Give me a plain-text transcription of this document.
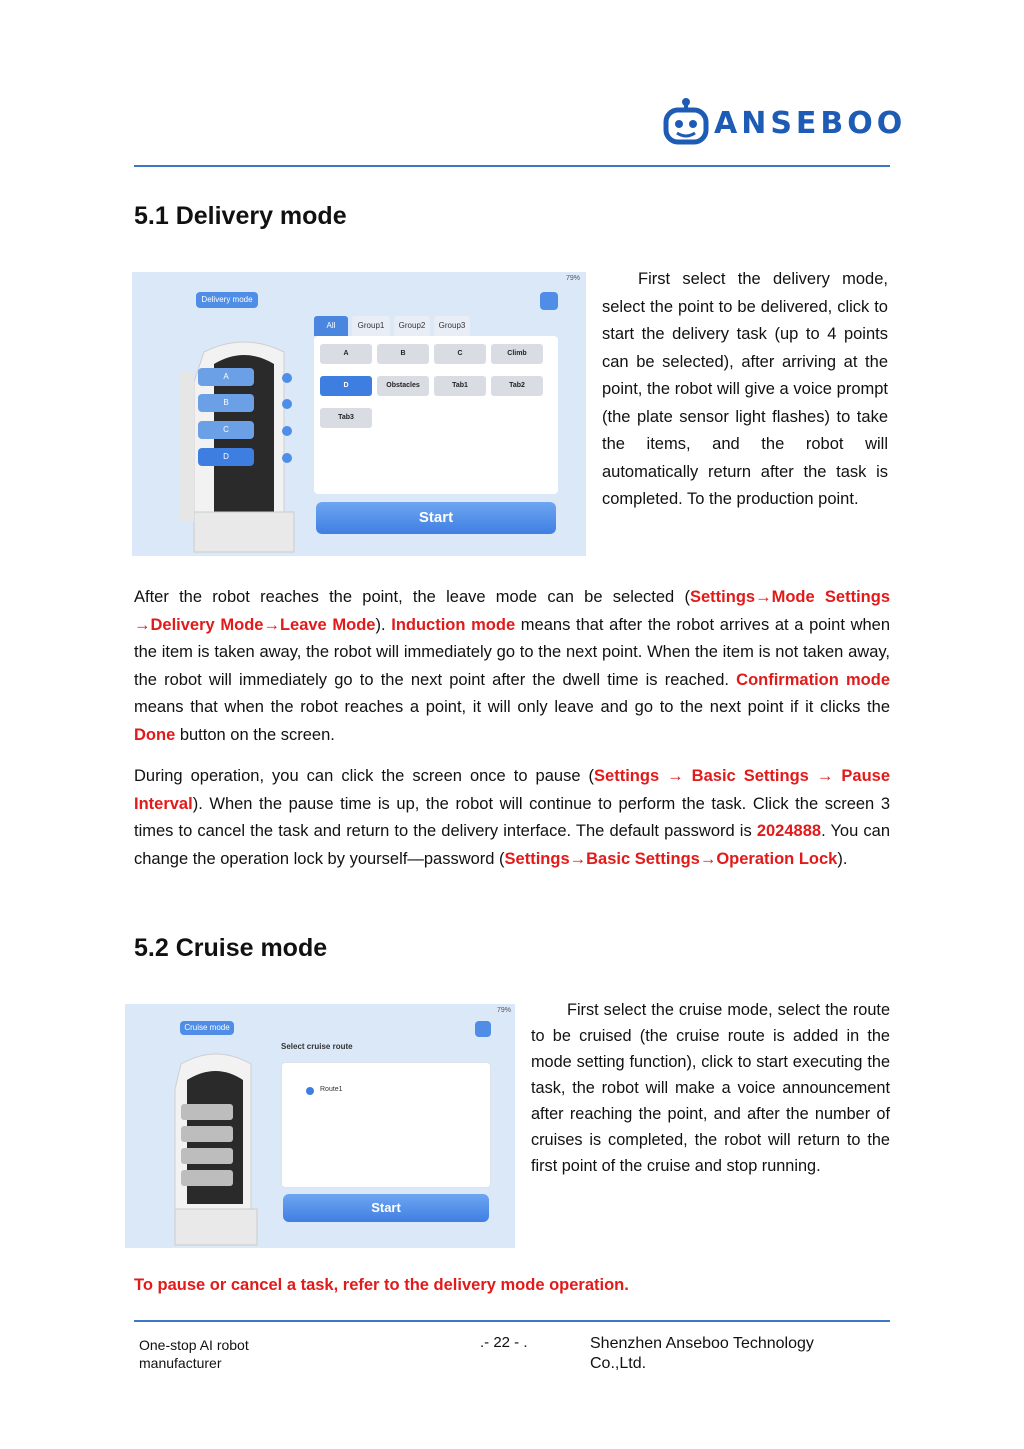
ANSEBOO
5.1 Delivery mode
79%
Delivery mode
A
B
C
D
All	Group1	Group2	Group3
A	B	C	Climb
D	Obstacles	Tab1	Tab2
Tab3
Start
First select the delivery mode, select the point to be delivered, click to start the delivery task (up to 4 points can be selected), after arriving at the point, the robot will give a voice prompt (the plate sensor light flashes) to take the items, and the robot will automatically return after the task is completed. To the production point.
After the robot reaches the point, the leave mode can be selected (Settings→Mode Settings →Delivery Mode→Leave Mode). Induction mode means that after the robot arrives at a point when the item is taken away, the robot will immediately go to the next point. When the item is not taken away, the robot will immediately go to the next point after the dwell time is reached. Confirmation mode means that when the robot reaches a point, it will only leave and go to the next point if it clicks the Done button on the screen.
During operation, you can click the screen once to pause (Settings → Basic Settings → Pause Interval). When the pause time is up, the robot will continue to perform the task. Click the screen 3 times to cancel the task and return to the delivery interface. The default password is 2024888. You can change the operation lock by yourself—password (Settings→Basic Settings→Operation Lock).
5.2 Cruise mode
79%
Cruise mode
Select cruise route
Route1
Start
First select the cruise mode, select the route to be cruised (the cruise route is added in the mode setting function), click to start executing the task, the robot will make a voice announcement after reaching the point, and after the number of cruises is completed, the robot will return to the first point of the cruise and stop running.
To pause or cancel a task, refer to the delivery mode operation.
One-stop AI robot manufacturer
.- 22 - .	Shenzhen Anseboo Technology Co.,Ltd.
